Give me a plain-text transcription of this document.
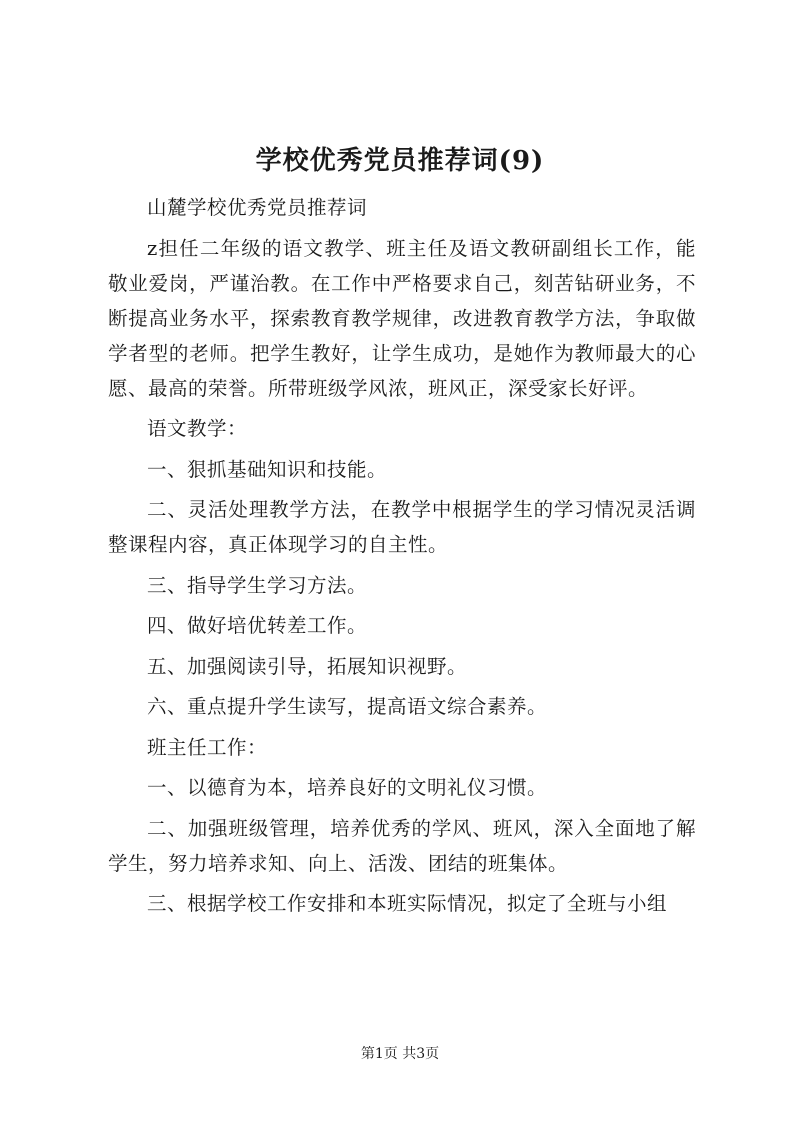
学校优秀党员推荐词(9)

山麓学校优秀党员推荐词

z担任二年级的语文教学、班主任及语文教研副组长工作，能敬业爱岗，严谨治教。在工作中严格要求自己，刻苦钻研业务，不断提高业务水平，探索教育教学规律，改进教育教学方法，争取做学者型的老师。把学生教好，让学生成功，是她作为教师最大的心愿、最高的荣誉。所带班级学风浓，班风正，深受家长好评。

语文教学：

一、狠抓基础知识和技能。

二、灵活处理教学方法，在教学中根据学生的学习情况灵活调整课程内容，真正体现学习的自主性。

三、指导学生学习方法。

四、做好培优转差工作。

五、加强阅读引导，拓展知识视野。

六、重点提升学生读写，提高语文综合素养。

班主任工作：

一、以德育为本，培养良好的文明礼仪习惯。

二、加强班级管理，培养优秀的学风、班风，深入全面地了解学生，努力培养求知、向上、活泼、团结的班集体。

三、根据学校工作安排和本班实际情况，拟定了全班与小组

第1页 共3页
